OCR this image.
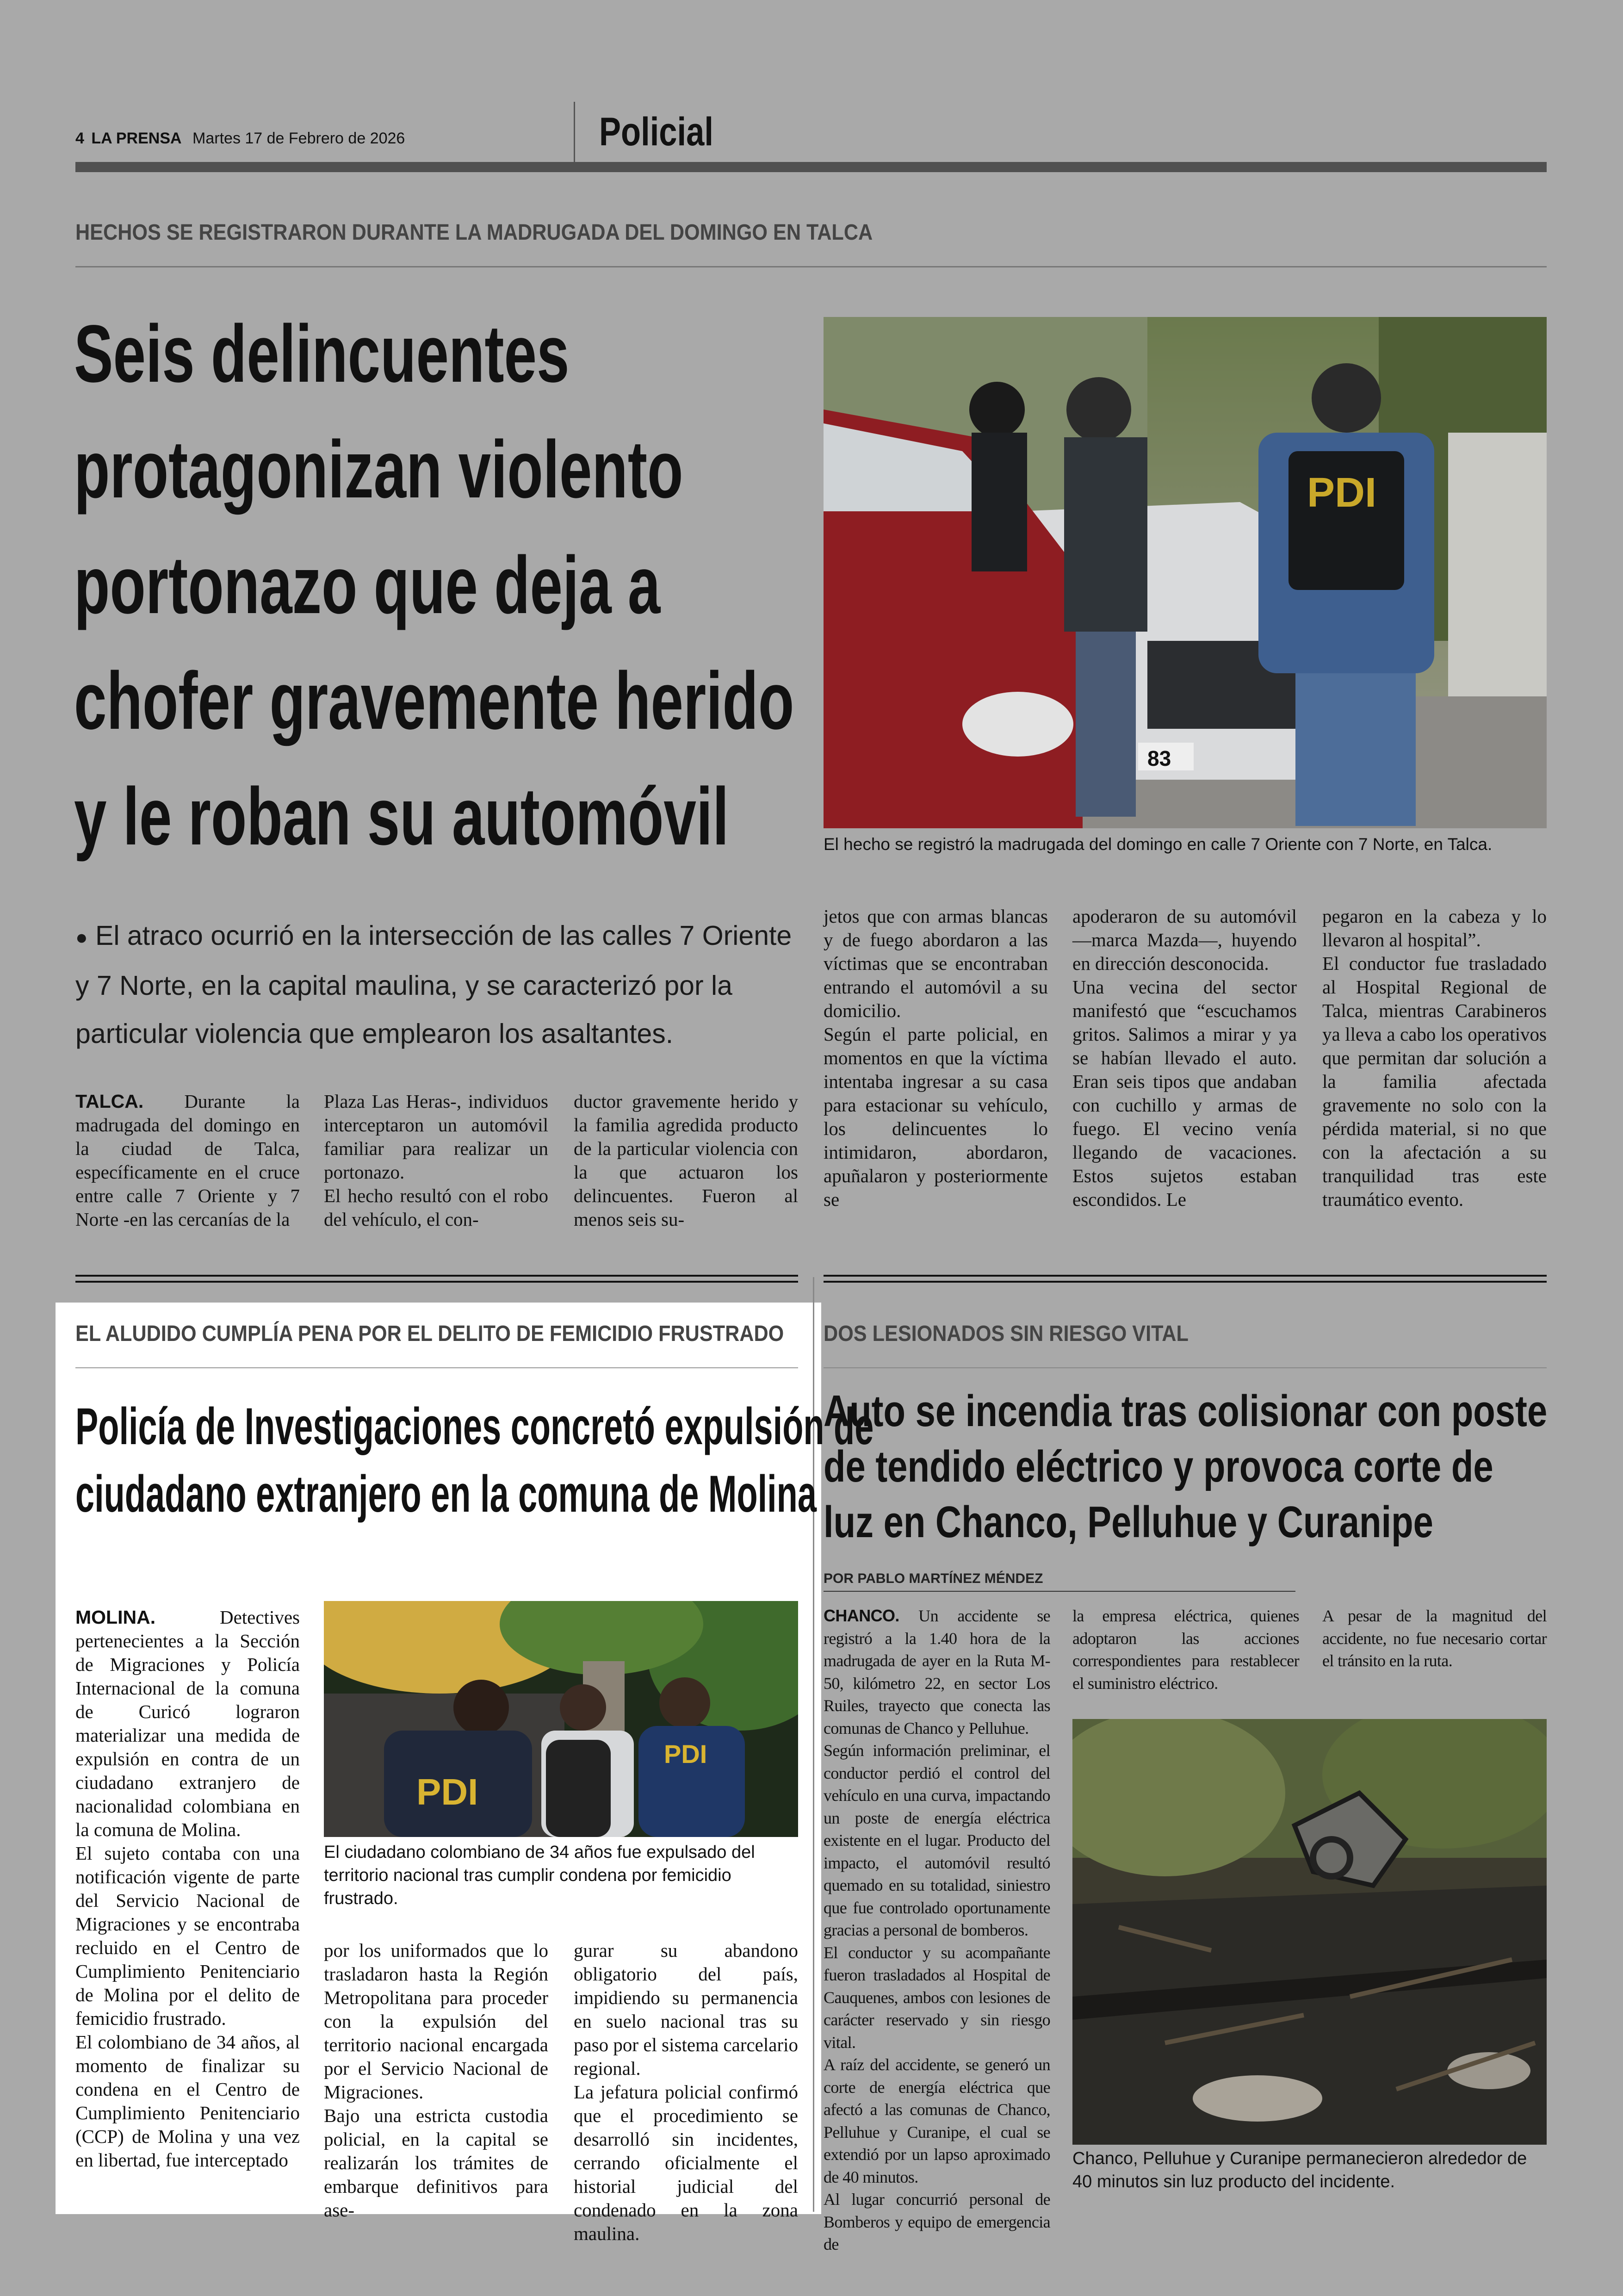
4 LA PRENSA Martes 17 de Febrero de 2026	Policial
HECHOS SE REGISTRARON DURANTE LA MADRUGADA DEL DOMINGO EN TALCA
Seis delincuentes
protagonizan violento
portonazo que deja a
chofer gravemente herido
y le roban su automóvil
83
PDI
El hecho se registró la madrugada del domingo en calle 7 Oriente con 7 Norte, en Talca.
● El atraco ocurrió en la intersección de las calles 7 Oriente y 7 Norte, en la capital maulina, y se caracterizó por la particular violencia que emplearon los asaltantes.

TALCA. Durante la madrugada del domingo en la ciudad de Talca, específicamente en el cruce entre calle 7 Oriente y 7 Norte -en las cercanías de la

Plaza Las Heras-, individuos interceptaron un automóvil familiar para realizar un portonazo.

El hecho resultó con el robo del vehículo, el con-

ductor gravemente herido y la familia agredida producto de la particular violencia con la que actuaron los delincuentes. Fueron al menos seis su-

jetos que con armas blancas y de fuego abordaron a las víctimas que se encontraban entrando el automóvil a su domicilio.

Según el parte policial, en momentos en que la víctima intentaba ingresar a su casa para estacionar su vehículo, los delincuentes lo intimidaron, abordaron, apuñalaron y posteriormente se

apoderaron de su automóvil —marca Mazda—, huyendo en dirección desconocida.

Una vecina del sector manifestó que “escuchamos gritos. Salimos a mirar y ya se habían llevado el auto. Eran seis tipos que andaban con cuchillo y armas de fuego. El vecino venía llegando de vacaciones. Estos sujetos estaban escondidos. Le

pegaron en la cabeza y lo llevaron al hospital”.

El conductor fue trasladado al Hospital Regional de Talca, mientras Carabineros ya lleva a cabo los operativos que permitan dar solución a la familia afectada gravemente no solo con la pérdida material, si no que con la afectación a su tranquilidad tras este traumático evento.

EL ALUDIDO CUMPLÍA PENA POR EL DELITO DE FEMICIDIO FRUSTRADO
Policía de Investigaciones concretó expulsión de
ciudadano extranjero en la comuna de Molina

MOLINA.	Detectives pertenecientes a la Sección de Migraciones y Policía Internacional de la comuna de Curicó lograron materializar una medida de expulsión en contra de un ciudadano extranjero de nacionalidad colombiana en la comuna de Molina.

El sujeto contaba con una notificación vigente de parte del Servicio Nacional de Migraciones y se encontraba recluido en el Centro de Cumplimiento Penitenciario de Molina por el delito de femicidio frustrado.

El colombiano de 34 años, al momento de finalizar su condena en el Centro de Cumplimiento Penitenciario (CCP) de Molina y una vez en libertad, fue interceptado

PDI
PDI
El ciudadano colombiano de 34 años fue expulsado del territorio nacional tras cumplir condena por femicidio frustrado.

por los uniformados que lo trasladaron hasta la Región Metropolitana para proceder con la expulsión del territorio nacional encargada por el Servicio Nacional de Migraciones.

Bajo una estricta custodia policial, en la capital se realizarán los trámites de embarque definitivos para ase-

gurar su abandono obligatorio del país, impidiendo su permanencia en suelo nacional tras su paso por el sistema carcelario regional.

La jefatura policial confirmó que el procedimiento se desarrolló sin incidentes, cerrando oficialmente el historial judicial del condenado en la zona maulina.

DOS LESIONADOS SIN RIESGO VITAL
Auto se incendia tras colisionar con poste
de tendido eléctrico y provoca corte de
luz en Chanco, Pelluhue y Curanipe
POR PABLO MARTÍNEZ MÉNDEZ

CHANCO. Un accidente se registró a la 1.40 hora de la madrugada de ayer en la Ruta M-50, kilómetro 22, en sector Los Ruiles, trayecto que conecta las comunas de Chanco y Pelluhue.

Según información preliminar, el conductor perdió el control del vehículo en una curva, impactando un poste de energía eléctrica existente en el lugar. Producto del impacto, el automóvil resultó quemado en su totalidad, siniestro que fue controlado oportunamente gracias a personal de bomberos.

El conductor y su acompañante fueron trasladados al Hospital de Cauquenes, ambos con lesiones de carácter reservado y sin riesgo vital.

A raíz del accidente, se generó un corte de energía eléctrica que afectó a las comunas de Chanco, Pelluhue y Curanipe, el cual se extendió por un lapso aproximado de 40 minutos.

Al lugar concurrió personal de Bomberos y equipo de emergencia de

la empresa eléctrica, quienes adoptaron las acciones correspondientes para restablecer el suministro eléctrico.

A pesar de la magnitud del accidente, no fue necesario cortar el tránsito en la ruta.

Chanco, Pelluhue y Curanipe permanecieron alrededor de 40 minutos sin luz producto del incidente.
